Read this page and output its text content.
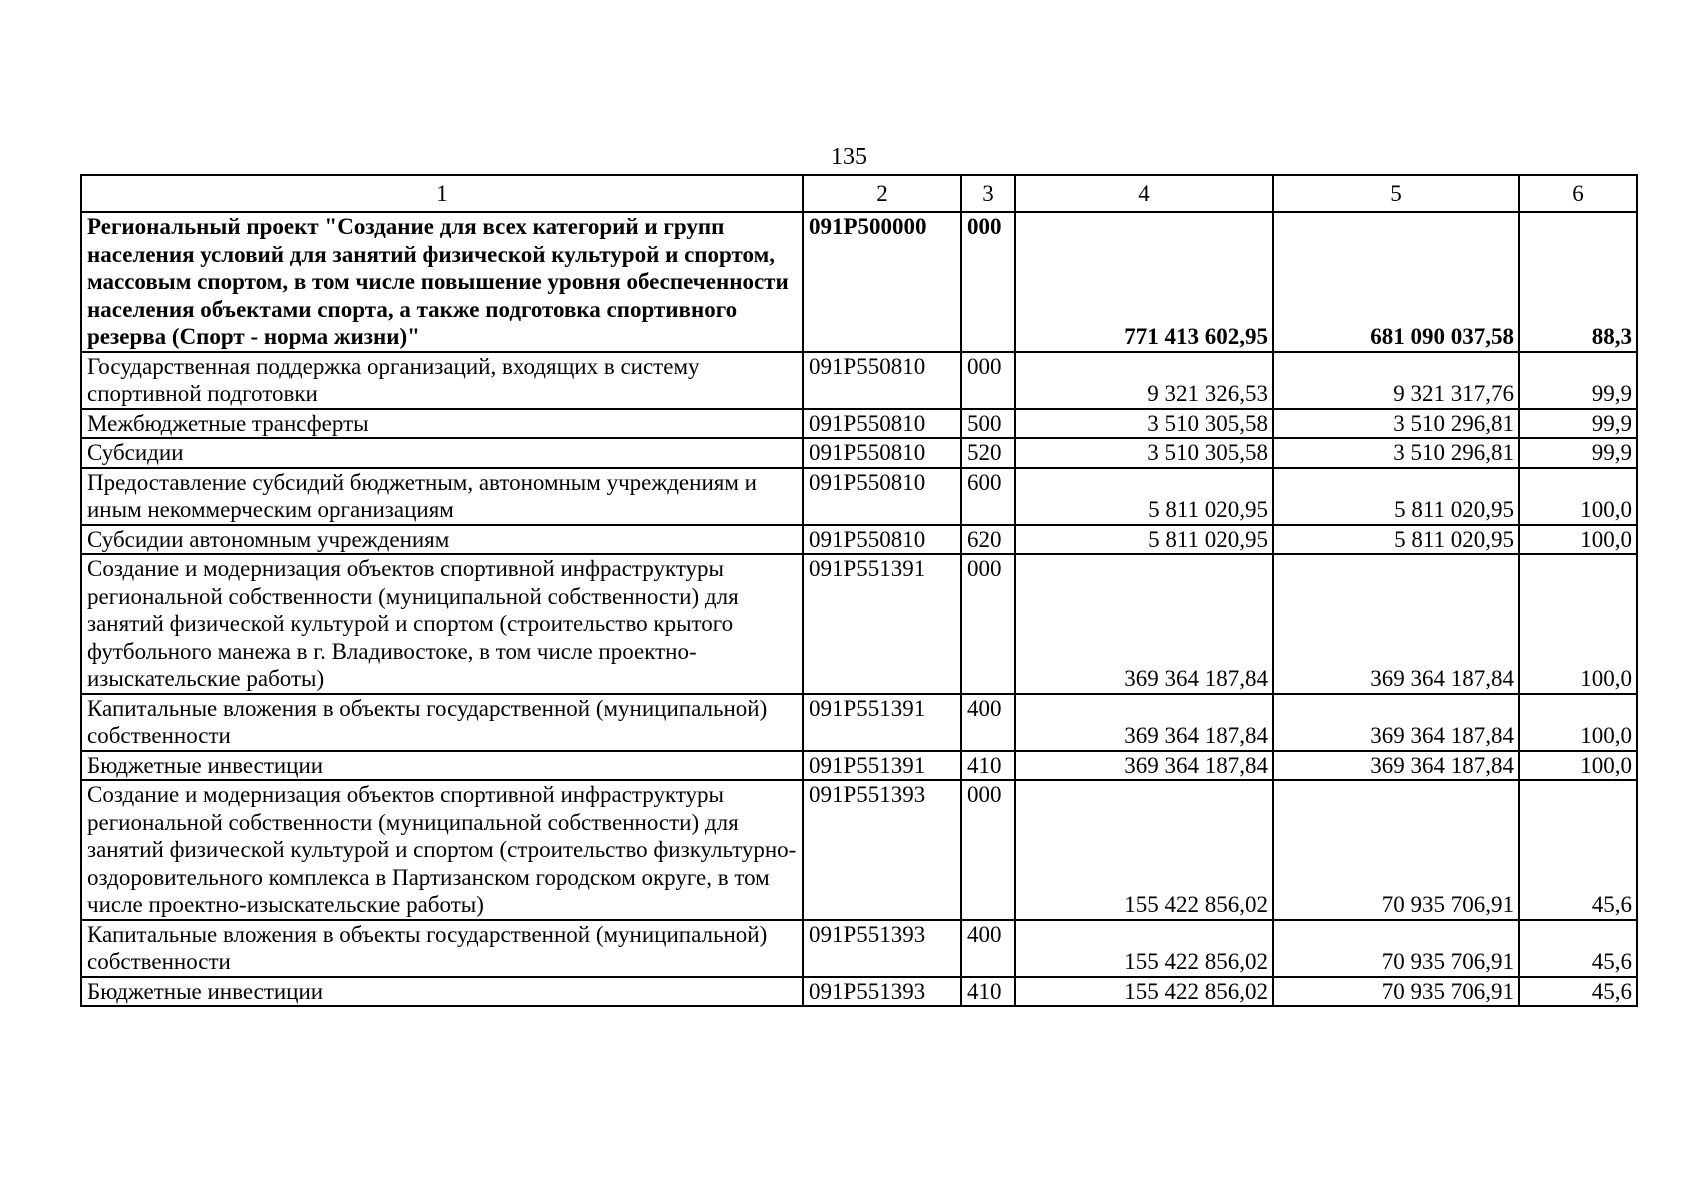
135
1	2	3	4	5	6
Региональный проект "Создание для всех категорий и групп населения условий для занятий физической культурой и спортом, массовым спортом, в том числе повышение уровня обеспеченности населения объектами спорта, а также подготовка спортивного резерва (Спорт - норма жизни)"	091P500000	000	771 413 602,95	681 090 037,58	88,3
Государственная поддержка организаций, входящих в систему спортивной подготовки	091P550810	000	9 321 326,53	9 321 317,76	99,9
Межбюджетные трансферты	091P550810	500	3 510 305,58	3 510 296,81	99,9
Субсидии	091P550810	520	3 510 305,58	3 510 296,81	99,9
Предоставление субсидий бюджетным, автономным учреждениям и иным некоммерческим организациям	091P550810	600	5 811 020,95	5 811 020,95	100,0
Субсидии автономным учреждениям	091P550810	620	5 811 020,95	5 811 020,95	100,0
Создание и модернизация объектов спортивной инфраструктуры региональной собственности (муниципальной собственности) для занятий физической культурой и спортом (строительство крытого футбольного манежа в г. Владивостоке, в том числе проектно-изыскательские работы)	091P551391	000	369 364 187,84	369 364 187,84	100,0
Капитальные вложения в объекты государственной (муниципальной) собственности	091P551391	400	369 364 187,84	369 364 187,84	100,0
Бюджетные инвестиции	091P551391	410	369 364 187,84	369 364 187,84	100,0
Создание и модернизация объектов спортивной инфраструктуры региональной собственности (муниципальной собственности) для занятий физической культурой и спортом (строительство физкультурно-оздоровительного комплекса в Партизанском городском округе, в том числе проектно-изыскательские работы)	091P551393	000	155 422 856,02	70 935 706,91	45,6
Капитальные вложения в объекты государственной (муниципальной) собственности	091P551393	400	155 422 856,02	70 935 706,91	45,6
Бюджетные инвестиции	091P551393	410	155 422 856,02	70 935 706,91	45,6
